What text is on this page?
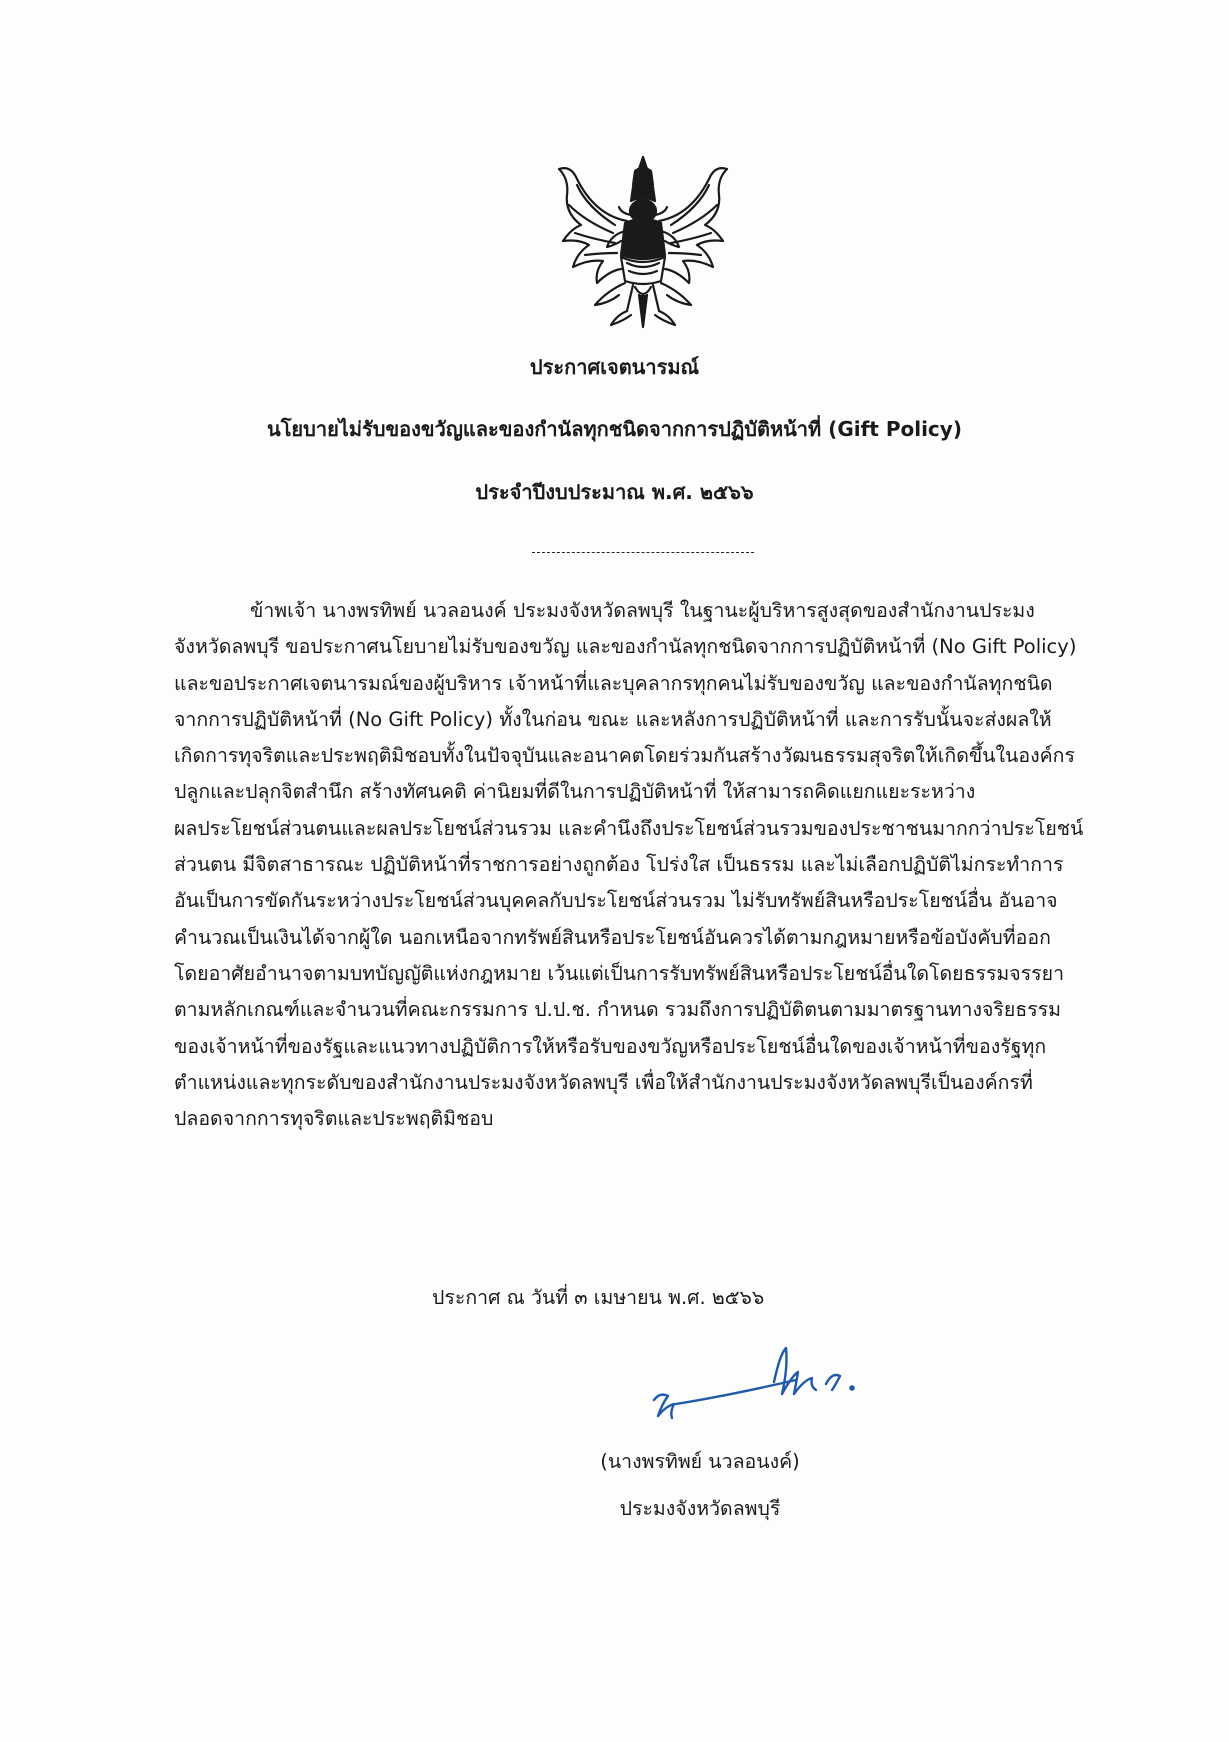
ประกาศเจตนารมณ์
นโยบายไม่รับของขวัญและของกำนัลทุกชนิดจากการปฏิบัติหน้าที่ (Gift Policy)
ประจำปีงบประมาณ พ.ศ. ๒๕๖๖
ข้าพเจ้า นางพรทิพย์ นวลอนงค์ ประมงจังหวัดลพบุรี ในฐานะผู้บริหารสูงสุดของสำนักงานประมง
จังหวัดลพบุรี ขอประกาศนโยบายไม่รับของขวัญ และของกำนัลทุกชนิดจากการปฏิบัติหน้าที่ (No Gift Policy)
และขอประกาศเจตนารมณ์ของผู้บริหาร เจ้าหน้าที่และบุคลากรทุกคนไม่รับของขวัญ และของกำนัลทุกชนิด
จากการปฏิบัติหน้าที่ (No Gift Policy) ทั้งในก่อน ขณะ และหลังการปฏิบัติหน้าที่ และการรับนั้นจะส่งผลให้
เกิดการทุจริตและประพฤติมิชอบทั้งในปัจจุบันและอนาคตโดยร่วมกันสร้างวัฒนธรรมสุจริตให้เกิดขึ้นในองค์กร
ปลูกและปลุกจิตสำนึก สร้างทัศนคติ ค่านิยมที่ดีในการปฏิบัติหน้าที่ ให้สามารถคิดแยกแยะระหว่าง
ผลประโยชน์ส่วนตนและผลประโยชน์ส่วนรวม และคำนึงถึงประโยชน์ส่วนรวมของประชาชนมากกว่าประโยชน์
ส่วนตน มีจิตสาธารณะ ปฏิบัติหน้าที่ราชการอย่างถูกต้อง โปร่งใส เป็นธรรม และไม่เลือกปฏิบัติไม่กระทำการ
อันเป็นการขัดกันระหว่างประโยชน์ส่วนบุคคลกับประโยชน์ส่วนรวม ไม่รับทรัพย์สินหรือประโยชน์อื่น อันอาจ
คำนวณเป็นเงินได้จากผู้ใด นอกเหนือจากทรัพย์สินหรือประโยชน์อันควรได้ตามกฎหมายหรือข้อบังคับที่ออก
โดยอาศัยอำนาจตามบทบัญญัติแห่งกฎหมาย เว้นแต่เป็นการรับทรัพย์สินหรือประโยชน์อื่นใดโดยธรรมจรรยา
ตามหลักเกณฑ์และจำนวนที่คณะกรรมการ ป.ป.ช. กำหนด รวมถึงการปฏิบัติตนตามมาตรฐานทางจริยธรรม
ของเจ้าหน้าที่ของรัฐและแนวทางปฏิบัติการให้หรือรับของขวัญหรือประโยชน์อื่นใดของเจ้าหน้าที่ของรัฐทุก
ตำแหน่งและทุกระดับของสำนักงานประมงจังหวัดลพบุรี เพื่อให้สำนักงานประมงจังหวัดลพบุรีเป็นองค์กรที่
ปลอดจากการทุจริตและประพฤติมิชอบ
ประกาศ ณ วันที่ ๓ เมษายน พ.ศ. ๒๕๖๖
(นางพรทิพย์ นวลอนงค์)
ประมงจังหวัดลพบุรี
